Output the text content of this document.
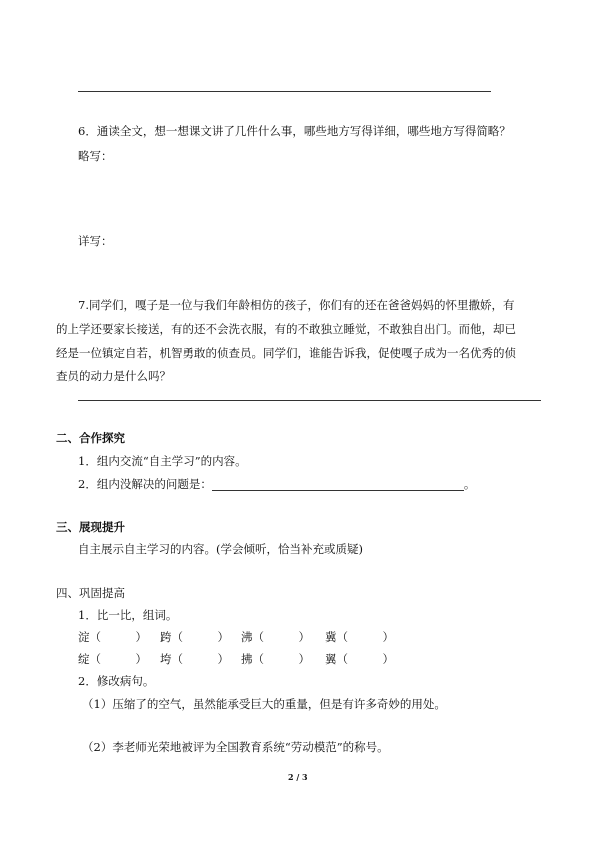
6．通读全文，想一想课文讲了几件什么事，哪些地方写得详细，哪些地方写得简略？
略写：
详写：
7.同学们，嘎子是一位与我们年龄相仿的孩子，你们有的还在爸爸妈妈的怀里撒娇，有
的上学还要家长接送，有的还不会洗衣服，有的不敢独立睡觉，不敢独自出门。而他，却已
经是一位镇定自若，机智勇敢的侦查员。同学们，谁能告诉我，促使嘎子成为一名优秀的侦
查员的动力是什么吗？
二、合作探究
1．组内交流“自主学习”的内容。
2．组内没解决的问题是：	。
三、展现提升
自主展示自主学习的内容。(学会倾听，恰当补充或质疑)
四、巩固提高
1．比一比，组词。
淀（　　　）	跨（　　　）	沸（　　　）	冀（　　　）
绽（　　　）	垮（　　　）	拂（　　　）	翼（　　　）
2．修改病句。
（1）压缩了的空气，虽然能承受巨大的重量，但是有许多奇妙的用处。
（2）李老师光荣地被评为全国教育系统“劳动模范”的称号。
2 / 3
